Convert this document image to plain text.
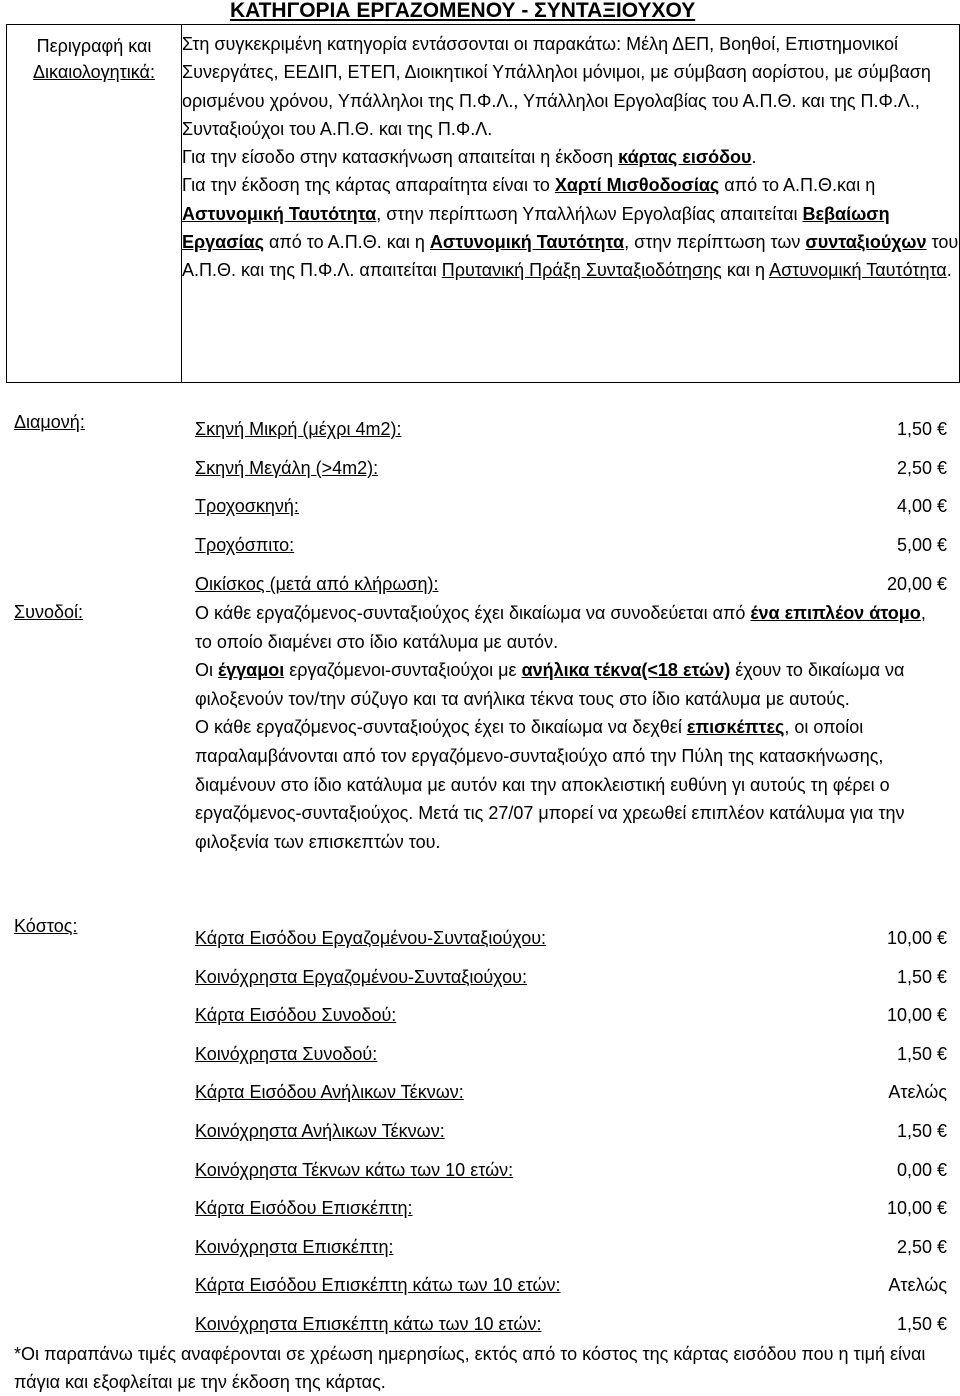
ΚΑΤΗΓΟΡΙΑ ΕΡΓΑΖΟΜΕΝΟΥ - ΣΥΝΤΑΞΙΟΥΧΟΥ
Περιγραφή και
Δικαιολογητικά:

Στη συγκεκριμένη κατηγορία εντάσσονται οι παρακάτω: Μέλη ΔΕΠ, Βοηθοί, Επιστημονικοί Συνεργάτες, ΕΕΔΙΠ, ΕΤΕΠ, Διοικητικοί Υπάλληλοι μόνιμοι, με σύμβαση αορίστου, με σύμβαση ορισμένου χρόνου, Υπάλληλοι της Π.Φ.Λ., Υπάλληλοι Εργολαβίας του Α.Π.Θ. και της Π.Φ.Λ., Συνταξιούχοι του Α.Π.Θ. και της Π.Φ.Λ.
Για την είσοδο στην κατασκήνωση απαιτείται η έκδοση κάρτας εισόδου.
Για την έκδοση της κάρτας απαραίτητα είναι το Χαρτί Μισθοδοσίας από το Α.Π.Θ.και η Αστυνομική Ταυτότητα, στην περίπτωση Υπαλλήλων Εργολαβίας απαιτείται Βεβαίωση Εργασίας από το Α.Π.Θ. και η Αστυνομική Ταυτότητα, στην περίπτωση των συνταξιούχων του Α.Π.Θ. και της Π.Φ.Λ. απαιτείται Πρυτανική Πράξη Συνταξιοδότησης και η Αστυνομική Ταυτότητα.
Διαμονή:	Σκηνή Μικρή (μέχρι 4m2):	1,50 €
Σκηνή Μεγάλη (>4m2):	2,50 €
Τροχοσκηνή:	4,00 €
Τροχόσπιτο:	5,00 €
Οικίσκος (μετά από κλήρωση):	20,00 €
Συνοδοί:	Ο κάθε εργαζόμενος-συνταξιούχος έχει δικαίωμα να συνοδεύεται από ένα επιπλέον άτομο, το οποίο διαμένει στο ίδιο κατάλυμα με αυτόν.
Οι έγγαμοι εργαζόμενοι-συνταξιούχοι με ανήλικα τέκνα(<18 ετών) έχουν το δικαίωμα να φιλοξενούν τον/την σύζυγο και τα ανήλικα τέκνα τους στο ίδιο κατάλυμα με αυτούς.
Ο κάθε εργαζόμενος-συνταξιούχος έχει το δικαίωμα να δεχθεί επισκέπτες, οι οποίοι παραλαμβάνονται από τον εργαζόμενο-συνταξιούχο από την Πύλη της κατασκήνωσης, διαμένουν στο ίδιο κατάλυμα με αυτόν και την αποκλειστική ευθύνη γι αυτούς τη φέρει ο εργαζόμενος-συνταξιούχος. Μετά τις 27/07 μπορεί να χρεωθεί επιπλέον κατάλυμα για την φιλοξενία των επισκεπτών του.
Κόστος:
Κάρτα Εισόδου Εργαζομένου-Συνταξιούχου:	10,00 €
Κοινόχρηστα Εργαζομένου-Συνταξιούχου:	1,50 €
Κάρτα Εισόδου Συνοδού:	10,00 €
Κοινόχρηστα Συνοδού:	1,50 €
Κάρτα Εισόδου Ανήλικων Τέκνων:	Ατελώς
Κοινόχρηστα Ανήλικων Τέκνων:	1,50 €
Κοινόχρηστα Τέκνων κάτω των 10 ετών:	0,00 €
Κάρτα Εισόδου Επισκέπτη:	10,00 €
Κοινόχρηστα Επισκέπτη:	2,50 €
Κάρτα Εισόδου Επισκέπτη κάτω των 10 ετών:	Ατελώς
Κοινόχρηστα Επισκέπτη κάτω των 10 ετών:	1,50 €
*Οι παραπάνω τιμές αναφέρονται σε χρέωση ημερησίως, εκτός από το κόστος της κάρτας εισόδου που η τιμή είναι πάγια και εξοφλείται με την έκδοση της κάρτας.
